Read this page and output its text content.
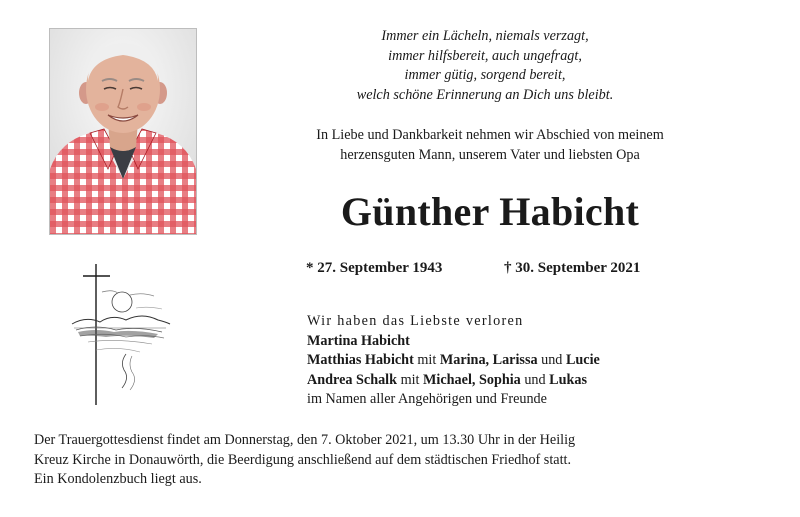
Immer ein Lächeln, niemals verzagt,
immer hilfsbereit, auch ungefragt,
immer gütig, sorgend bereit,
welch schöne Erinnerung an Dich uns bleibt.
In Liebe und Dankbarkeit nehmen wir Abschied von meinem
herzensguten Mann, unserem Vater und liebsten Opa
Günther Habicht
* 27. September 1943	† 30. September 2021
Wir haben das Liebste verloren
Martina Habicht
Matthias Habicht mit Marina, Larissa und Lucie
Andrea Schalk mit Michael, Sophia und Lukas
im Namen aller Angehörigen und Freunde
Der Trauergottesdienst findet am Donnerstag, den 7. Oktober 2021, um 13.30 Uhr in der Heilig
Kreuz Kirche in Donauwörth, die Beerdigung anschließend auf dem städtischen Friedhof statt.
Ein Kondolenzbuch liegt aus.
